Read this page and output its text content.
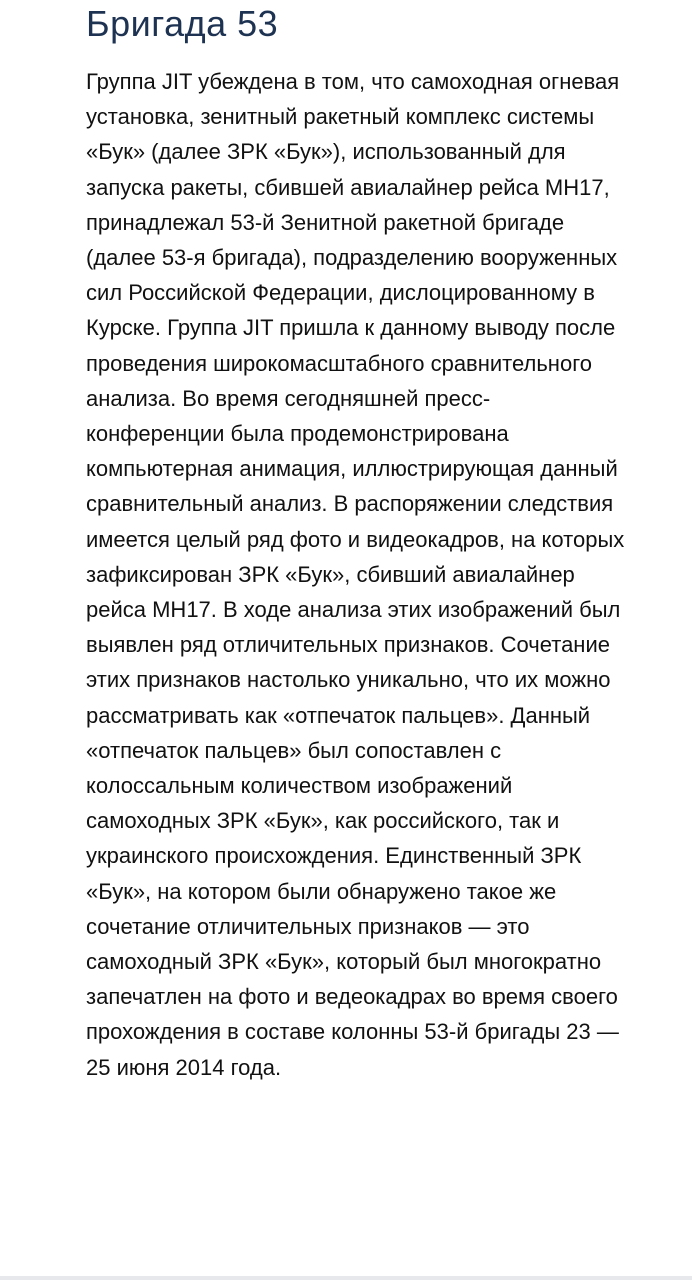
Бригада 53

Группа JIT убеждена в том, что самоходная огневая установка, зенитный ракетный комплекс системы «Бук» (далее ЗРК «Бук»), использованный для запуска ракеты, сбившей авиалайнер рейса MH17, принадлежал 53-й Зенитной ракетной бригаде (далее 53-я бригада), подразделению вооруженных сил Российской Федерации, дислоцированному в Курске. Группа JIT пришла к данному выводу после проведения широкомасштабного сравнительного анализа. Во время сегодняшней пресс-конференции была продемонстрирована компьютерная анимация, иллюстрирующая данный сравнительный анализ. В распоряжении следствия имеется целый ряд фото и видеокадров, на которых зафиксирован ЗРК «Бук», сбивший авиалайнер рейса MH17. В ходе анализа этих изображений был выявлен ряд отличительных признаков. Сочетание этих признаков настолько уникально, что их можно рассматривать как «отпечаток пальцев». Данный «отпечаток пальцев» был сопоставлен с колоссальным количеством изображений самоходных ЗРК «Бук», как российского, так и украинского происхождения. Единственный ЗРК «Бук», на котором были обнаружено такое же сочетание отличительных признаков — это самоходный ЗРК «Бук», который был многократно запечатлен на фото и ведеокадрах во время своего прохождения в составе колонны 53-й бригады 23 — 25 июня 2014 года.
